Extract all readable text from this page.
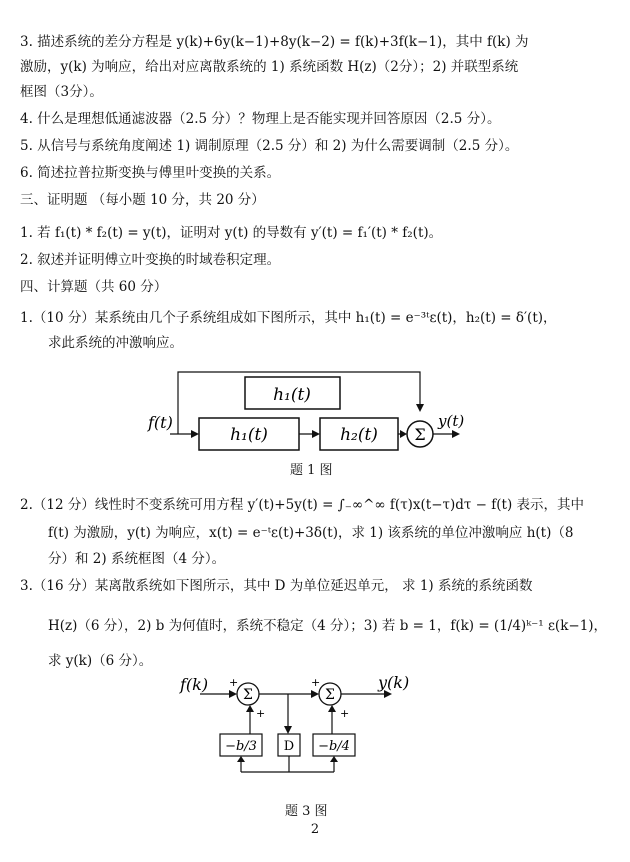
3. 描述系统的差分方程是 y(k)+6y(k−1)+8y(k−2) = f(k)+3f(k−1)，其中 f(k) 为
激励，y(k) 为响应，给出对应离散系统的 1) 系统函数 H(z)（2分）；2) 并联型系统
框图（3分）。
4. 什么是理想低通滤波器（2.5 分）？物理上是否能实现并回答原因（2.5 分）。
5. 从信号与系统角度阐述 1) 调制原理（2.5 分）和 2) 为什么需要调制（2.5 分）。
6. 简述拉普拉斯变换与傅里叶变换的关系。
三、证明题 （每小题 10 分，共 20 分）
1. 若 f₁(t) * f₂(t) = y(t)，证明对 y(t) 的导数有 y′(t) = f₁′(t) * f₂(t)。
2. 叙述并证明傅立叶变换的时域卷积定理。
四、计算题（共 60 分）
1.（10 分）某系统由几个子系统组成如下图所示，其中 h₁(t) = e⁻³ᵗε(t)，h₂(t) = δ′(t)，
求此系统的冲激响应。
h₁(t)
f(t)
h₁(t)	h₂(t) Σ
y(t)
题 1 图
2.（12 分）线性时不变系统可用方程 y′(t)+5y(t) = ∫₋∞^∞ f(τ)x(t−τ)dτ − f(t) 表示，其中
f(t) 为激励，y(t) 为响应，x(t) = e⁻ᵗε(t)+3δ(t)，求 1) 该系统的单位冲激响应 h(t)（8
分）和 2) 系统框图（4 分）。
3.（16 分）某离散系统如下图所示，其中 D 为单位延迟单元， 求 1) 系统的系统函数
H(z)（6 分），2) b 为何值时，系统不稳定（4 分）；3) 若 b = 1，f(k) = (1/4)ᵏ⁻¹ ε(k−1)，
求 y(k)（6 分）。
f(k) +
Σ
+
+
Σ
+
y(k)
D
−b/3	−b/4
题 3 图
2
